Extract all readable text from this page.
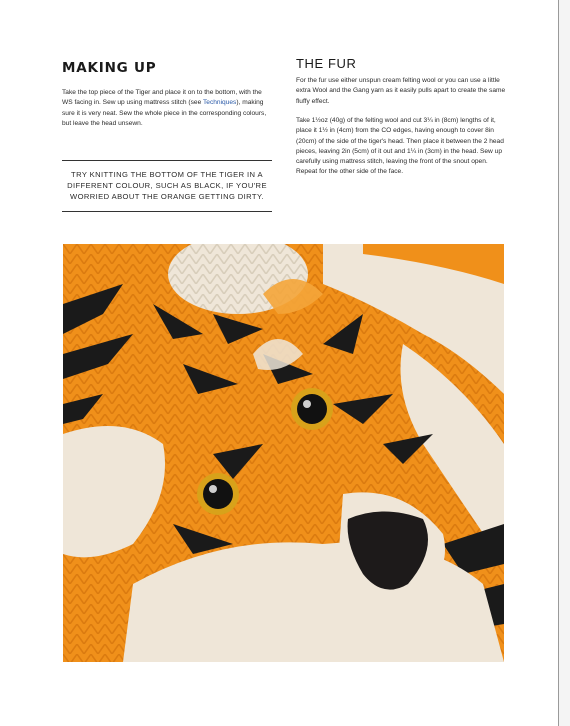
MAKING UP

Take the top piece of the Tiger and place it on to the bottom, with the WS facing in. Sew up using mattress stitch (see Techniques), making sure it is very neat. Sew the whole piece in the corresponding colours, but leave the head unsewn.

TRY KNITTING THE BOTTOM OF THE TIGER IN A DIFFERENT COLOUR, SUCH AS BLACK, IF YOU'RE WORRIED ABOUT THE ORANGE GETTING DIRTY.

THE FUR

For the fur use either unspun cream felting wool or you can use a little extra Wool and the Gang yarn as it easily pulls apart to create the same fluffy effect.

Take 1½oz (40g) of the felting wool and cut 3¼ in (8cm) lengths of it, place it 1½ in (4cm) from the CO edges, having enough to cover 8in (20cm) of the side of the tiger's head. Then place it between the 2 head pieces, leaving 2in (5cm) of it out and 1¼ in (3cm) in the head. Sew up carefully using mattress stitch, leaving the front of the snout open. Repeat for the other side of the face.
